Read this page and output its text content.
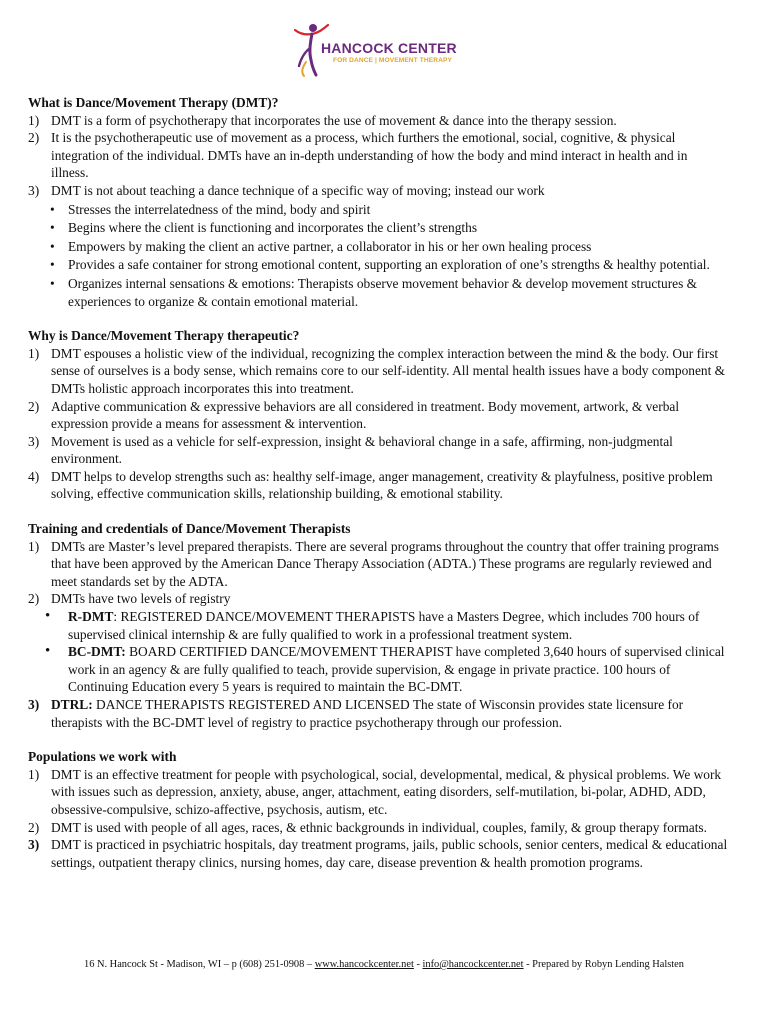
HANCOCK CENTER
FOR DANCE | MOVEMENT THERAPY
What is Dance/Movement Therapy (DMT)?
1) DMT is a form of psychotherapy that incorporates the use of movement & dance into the therapy session.
2) It is the psychotherapeutic use of movement as a process, which furthers the emotional, social, cognitive, & physical integration of the individual. DMTs have an in-depth understanding of how the body and mind interact in health and in illness.
3) DMT is not about teaching a dance technique of a specific way of moving; instead our work
• Stresses the interrelatedness of the mind, body and spirit
• Begins where the client is functioning and incorporates the client’s strengths
• Empowers by making the client an active partner, a collaborator in his or her own healing process
• Provides a safe container for strong emotional content, supporting an exploration of one’s strengths & healthy potential.
• Organizes internal sensations & emotions: Therapists observe movement behavior & develop movement structures & experiences to organize & contain emotional material.
Why is Dance/Movement Therapy therapeutic?
1) DMT espouses a holistic view of the individual, recognizing the complex interaction between the mind & the body. Our first sense of ourselves is a body sense, which remains core to our self-identity. All mental health issues have a body component & DMTs holistic approach incorporates this into treatment.
2) Adaptive communication & expressive behaviors are all considered in treatment. Body movement, artwork, & verbal expression provide a means for assessment & intervention.
3) Movement is used as a vehicle for self-expression, insight & behavioral change in a safe, affirming, non-judgmental environment.
4) DMT helps to develop strengths such as: healthy self-image, anger management, creativity & playfulness, positive problem solving, effective communication skills, relationship building, & emotional stability.
Training and credentials of Dance/Movement Therapists
1) DMTs are Master’s level prepared therapists. There are several programs throughout the country that offer training programs that have been approved by the American Dance Therapy Association (ADTA.) These programs are regularly reviewed and meet standards set by the ADTA.
2) DMTs have two levels of registry
• R-DMT: REGISTERED DANCE/MOVEMENT THERAPISTS have a Masters Degree, which includes 700 hours of supervised clinical internship & are fully qualified to work in a professional treatment system.
• BC-DMT: BOARD CERTIFIED DANCE/MOVEMENT THERAPIST have completed 3,640 hours of supervised clinical work in an agency & are fully qualified to teach, provide supervision, & engage in private practice. 100 hours of Continuing Education every 5 years is required to maintain the BC-DMT.
3) DTRL: DANCE THERAPISTS REGISTERED AND LICENSED The state of Wisconsin provides state licensure for therapists with the BC-DMT level of registry to practice psychotherapy through our profession.
Populations we work with
1) DMT is an effective treatment for people with psychological, social, developmental, medical, & physical problems. We work with issues such as depression, anxiety, abuse, anger, attachment, eating disorders, self-mutilation, bi-polar, ADHD, ADD, obsessive-compulsive, schizo-affective, psychosis, autism, etc.
2) DMT is used with people of all ages, races, & ethnic backgrounds in individual, couples, family, & group therapy formats.
3) DMT is practiced in psychiatric hospitals, day treatment programs, jails, public schools, senior centers, medical & educational settings, outpatient therapy clinics, nursing homes, day care, disease prevention & health promotion programs.
16 N. Hancock St - Madison, WI – p (608) 251-0908 – www.hancockcenter.net - info@hancockcenter.net - Prepared by Robyn Lending Halsten
